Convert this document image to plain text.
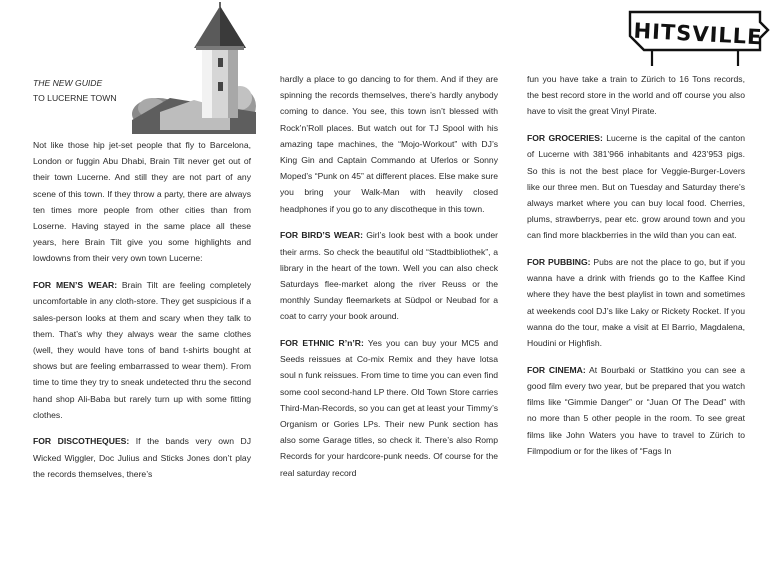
HITSVILLE
THE NEW GUIDE
TO LUCERNE TOWN

Not like those hip jet-set people that fly to Barcelona, London or fuggin Abu Dhabi, Brain Tilt never get out of their town Lucerne. And still they are not part of any scene of this town. If they throw a party, there are always ten times more people from other cities than from Loserne. Having stayed in the same place all these years, here Brain Tilt give you some highlights and lowdowns from their very own town Lucerne:

FOR MEN’S WEAR: Brain Tilt are feeling completely uncomfortable in any cloth-store. They get suspicious if a sales-person looks at them and scary when they talk to them. That’s why they always wear the same clothes (well, they would have tons of band t-shirts bought at shows but are feeling embarrassed to wear them). From time to time they try to sneak undetected thru the second hand shop Ali-Baba but rarely turn up with some fitting clothes.

FOR DISCOTHEQUES: If the bands very own DJ Wicked Wiggler, Doc Julius and Sticks Jones don’t play the records themselves, there’s

hardly a place to go dancing to for them. And if they are spinning the records themselves, there’s hardly anybody coming to dance. You see, this town isn’t blessed with Rock’n’Roll places. But watch out for TJ Spool with his amazing tape machines, the “Mojo-Workout” with DJ’s King Gin and Captain Commando at Uferlos or Sonny Moped’s “Punk on 45” at different places. Else make sure you bring your Walk-Man with heavily closed headphones if you go to any discotheque in this town.

FOR BIRD’S WEAR: Girl’s look best with a book under their arms. So check the beautiful old “Stadtbibliothek”, a library in the heart of the town. Well you can also check Saturdays flee-market along the river Reuss or the monthly Sunday fleemarkets at Südpol or Neubad for a coat to carry your book around.

FOR ETHNIC R’n’R: Yes you can buy your MC5 and Seeds reissues at Co-mix Remix and they have lotsa soul n funk reissues. From time to time you can even find some cool second-hand LP there. Old Town Store carries Third-Man-Records, so you can get at least your Timmy’s Organism or Gories LPs. Their new Punk section has also some Garage titles, so check it. There’s also Romp Records for your hardcore-punk needs. Of course for the real saturday record

fun you have take a train to Zürich to 16 Tons records, the best record store in the world and off course you also have to visit the great Vinyl Pirate.

FOR GROCERIES: Lucerne is the capital of the canton of Lucerne with 381’966 inhabitants and 423’953 pigs. So this is not the best place for Veggie-Burger-Lovers like our three men. But on Tuesday and Saturday there’s always market where you can buy local food. Cherries, plums, strawberrys, pear etc. grow around town and you can find more blackberries in the wild than you can eat.

FOR PUBBING: Pubs are not the place to go, but if you wanna have a drink with friends go to the Kaffee Kind where they have the best playlist in town and sometimes at weekends cool DJ’s like Laky or Rickety Rocket. If you wanna do the tour, make a visit at El Barrio, Magdalena, Houdini or Highfish.

FOR CINEMA: At Bourbaki or Stattkino you can see a good film every two year, but be prepared that you watch films like “Gimmie Danger” or “Juan Of The Dead” with no more than 5 other people in the room. To see great films like John Waters you have to travel to Zürich to Filmpodium or for the likes of “Fags In
